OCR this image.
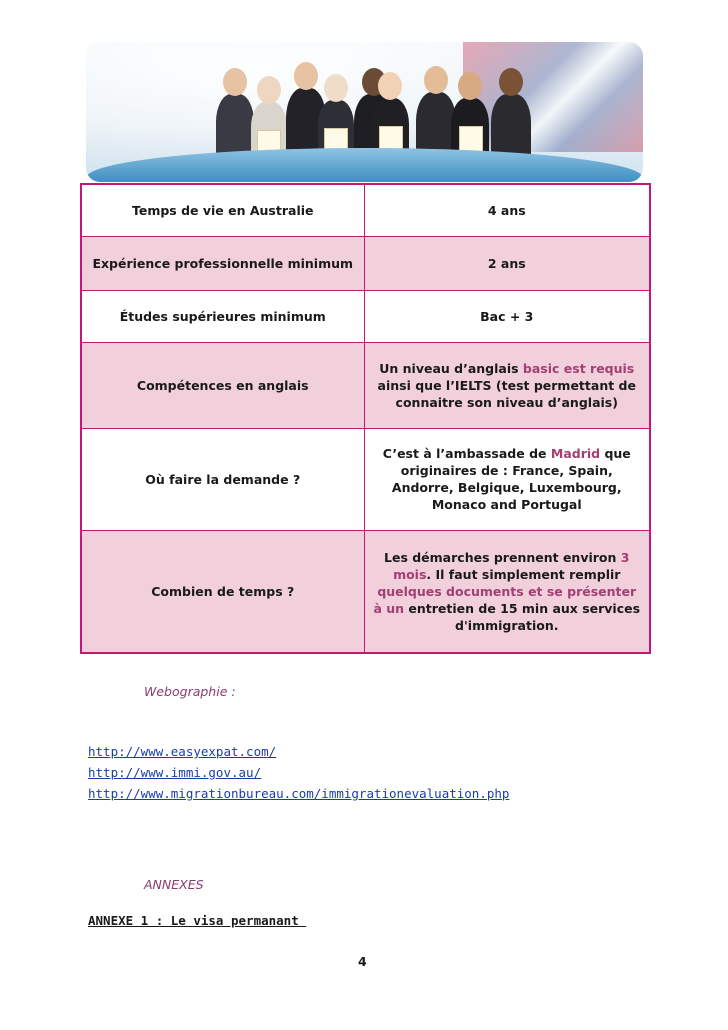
Temps de vie en Australie	4 ans
Expérience professionnelle minimum	2 ans
Études supérieures minimum	Bac + 3
Compétences en anglais	Un niveau d’anglais basic est requis ainsi que l’IELTS (test permettant de connaitre son niveau d’anglais)
Où faire la demande ?	C’est à l’ambassade de Madrid que originaires de : France, Spain, Andorre, Belgique, Luxembourg, Monaco and Portugal
Combien de temps ?	Les démarches prennent environ 3 mois. Il faut simplement remplir quelques documents et se présenter à un entretien de 15 min aux services d'immigration.
Webographie :
http://www.easyexpat.com/
http://www.immi.gov.au/
http://www.migrationbureau.com/immigrationevaluation.php
ANNEXES
ANNEXE 1 : Le visa permanant
4
